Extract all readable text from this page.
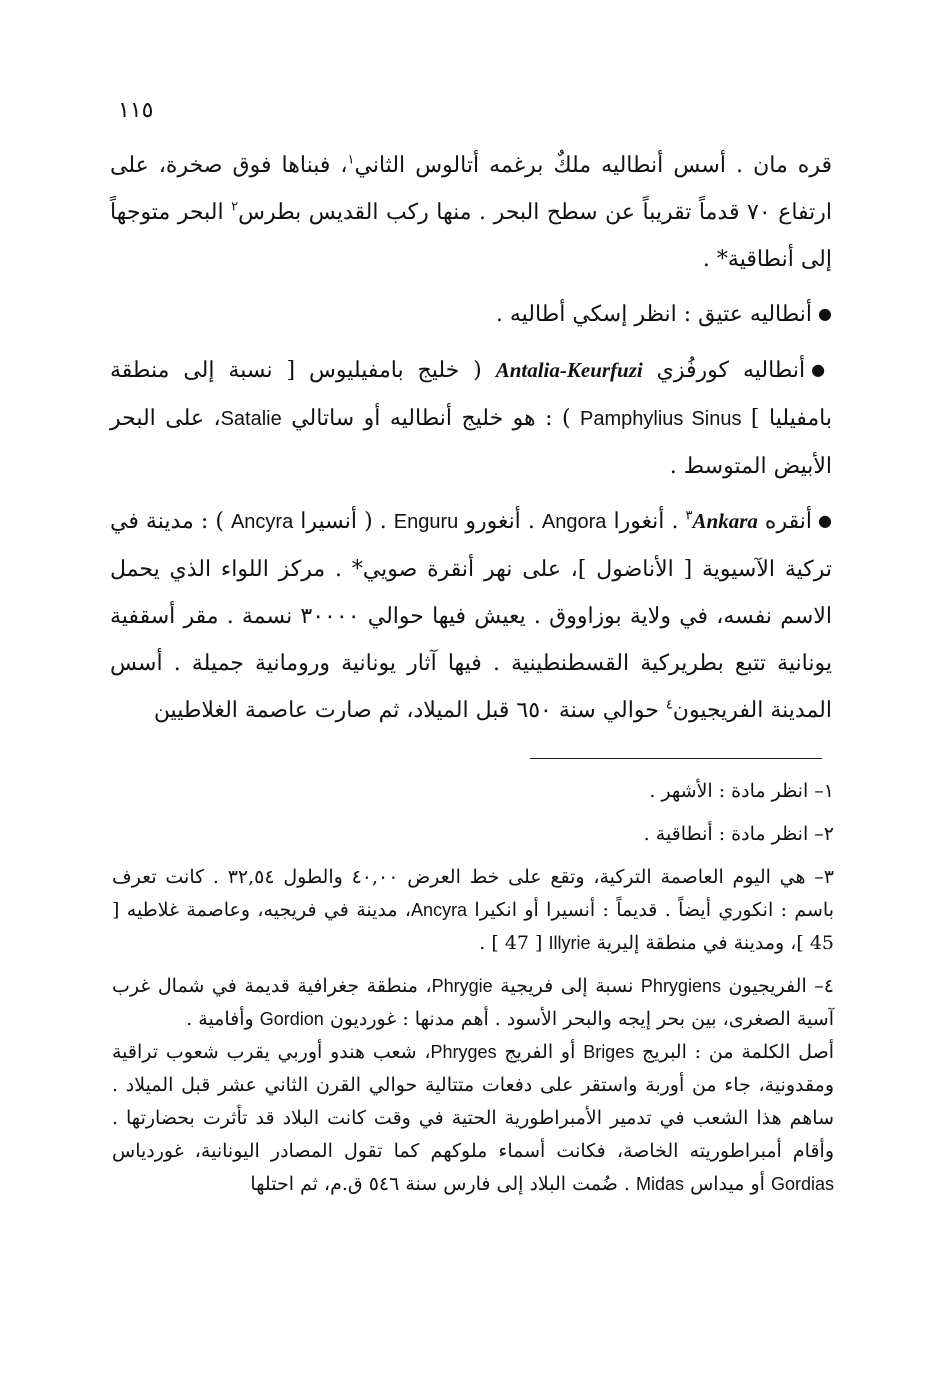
١١٥

قره مان . أسس أنطاليه ملكٌ برغمه أتالوس الثاني$^١$، فبناها فوق صخرة، على ارتفاع ٧٠ قدماً تقريباً عن سطح البحر . منها ركب القديس بطرس$^٢$ البحر متوجهاً إلى أنطاقية* .

●أنطاليه عتيق : انظر إسكي أطاليه .

●أنطاليه كورفُزي Antalia-Keurfuzi ( خليج بامفيليوس [ نسبة إلى منطقة بامفيليا ] Pamphylius Sinus ) : هو خليج أنطاليه أو ساتالي Satalie، على البحر الأبيض المتوسط .

●أنقره Ankara$^٣$ . أنغورا Angora . أنغورو Enguru . ( أنسيرا Ancyra ) : مدينة في تركية الآسيوية [ الأناضول ]، على نهر أنقرة صويي* . مركز اللواء الذي يحمل الاسم نفسه، في ولاية بوزاووق . يعيش فيها حوالي ٣٠٠٠٠ نسمة . مقر أسقفية يونانية تتبع بطريركية القسطنطينية . فيها آثار يونانية ورومانية جميلة . أسس المدينة الفريجيون$^٤$ حوالي سنة ٦٥٠ قبل الميلاد، ثم صارت عاصمة الغلاطيين

١– انظر مادة : الأشهر .

٢– انظر مادة : أنطاقية .

٣– هي اليوم العاصمة التركية، وتقع على خط العرض ٤٠,٠٠ والطول ٣٢,٥٤ . كانت تعرف باسم : انكوري أيضاً . قديماً : أنسيرا أو انكيرا Ancyra، مدينة في فريجيه، وعاصمة غلاطيه [ 45 ]، ومدينة في منطقة إليرية Illyrie [ 47 ] .

٤– الفريجيون Phrygiens نسبة إلى فريجية Phrygie، منطقة جغرافية قديمة في شمال غرب آسية الصغرى، بين بحر إيجه والبحر الأسود . أهم مدنها : غورديون Gordion وأفامية .

أصل الكلمة من : البريج Briges أو الفريج Phryges، شعب هندو أوربي يقرب شعوب تراقية ومقدونية، جاء من أوربة واستقر على دفعات متتالية حوالي القرن الثاني عشر قبل الميلاد . ساهم هذا الشعب في تدمير الأمبراطورية الحتية في وقت كانت البلاد قد تأثرت بحضارتها . وأقام أمبراطوريته الخاصة، فكانت أسماء ملوكهم كما تقول المصادر اليونانية، غوردياس Gordias أو ميداس Midas . ضُمت البلاد إلى فارس سنة ٥٤٦ ق.م، ثم احتلها
